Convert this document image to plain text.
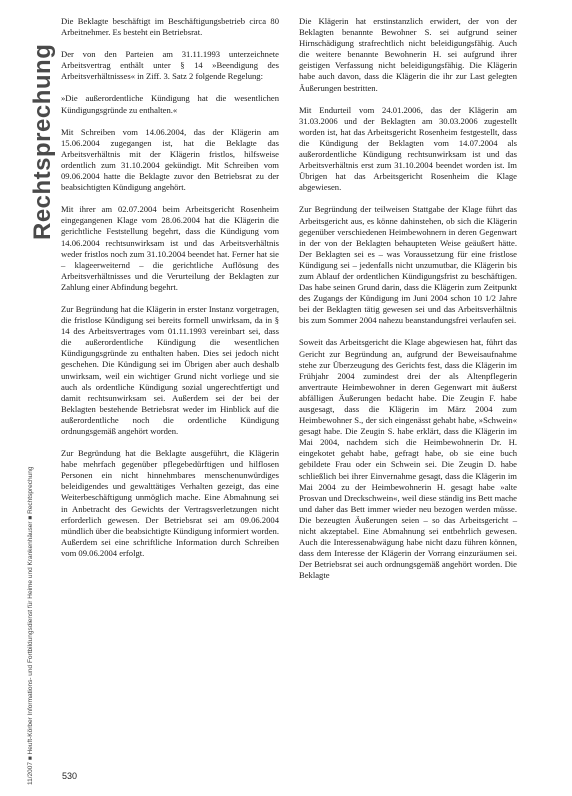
Rechtsprechung
11/2007 ■ Heuft-Körber Informations- und Fortbildungsdienst für Heime und Krankenhäuser ■ Rechtsprechung

Die Beklagte beschäftigt im Beschäftigungsbetrieb circa 80 Arbeitnehmer. Es besteht ein Betriebsrat.

Der von den Parteien am 31.11.1993 unterzeichnete Arbeitsvertrag enthält unter § 14 »Beendigung des Arbeitsverhältnisses« in Ziff. 3. Satz 2 folgende Regelung:

»Die außerordentliche Kündigung hat die wesentlichen Kündigungsgründe zu enthalten.«

Mit Schreiben vom 14.06.2004, das der Klägerin am 15.06.2004 zugegangen ist, hat die Beklagte das Arbeitsverhältnis mit der Klägerin fristlos, hilfsweise ordentlich zum 31.10.2004 gekündigt. Mit Schreiben vom 09.06.2004 hatte die Beklagte zuvor den Betriebsrat zu der beabsichtigten Kündigung angehört.

Mit ihrer am 02.07.2004 beim Arbeitsgericht Rosenheim eingegangenen Klage vom 28.06.2004 hat die Klägerin die gerichtliche Feststellung begehrt, dass die Kündigung vom 14.06.2004 rechtsunwirksam ist und das Arbeitsverhältnis weder fristlos noch zum 31.10.2004 beendet hat. Ferner hat sie – klageerweiternd – die gerichtliche Auflösung des Arbeitsverhältnisses und die Verurteilung der Beklagten zur Zahlung einer Abfindung begehrt.

Zur Begründung hat die Klägerin in erster Instanz vorgetragen, die fristlose Kündigung sei bereits formell unwirksam, da in § 14 des Arbeitsvertrages vom 01.11.1993 vereinbart sei, dass die außerordentliche Kündigung die wesentlichen Kündigungsgründe zu enthalten haben. Dies sei jedoch nicht geschehen. Die Kündigung sei im Übrigen aber auch deshalb unwirksam, weil ein wichtiger Grund nicht vorliege und sie auch als ordentliche Kündigung sozial ungerechtfertigt und damit rechtsunwirksam sei. Außerdem sei der bei der Beklagten bestehende Betriebsrat weder im Hinblick auf die außerordentliche noch die ordentliche Kündigung ordnungsgemäß angehört worden.

Zur Begründung hat die Beklagte ausgeführt, die Klägerin habe mehrfach gegenüber pflegebedürftigen und hilflosen Personen ein nicht hinnehmbares menschenunwürdiges beleidigendes und gewalttätiges Verhalten gezeigt, das eine Weiterbeschäftigung unmöglich mache. Eine Abmahnung sei in Anbetracht des Gewichts der Vertragsverletzungen nicht erforderlich gewesen. Der Betriebsrat sei am 09.06.2004 mündlich über die beabsichtigte Kündigung informiert worden. Außerdem sei eine schriftliche Information durch Schreiben vom 09.06.2004 erfolgt.

Die Klägerin hat erstinstanzlich erwidert, der von der Beklagten benannte Bewohner S. sei aufgrund seiner Hirnschädigung strafrechtlich nicht beleidigungsfähig. Auch die weitere benannte Bewohnerin H. sei aufgrund ihrer geistigen Verfassung nicht beleidigungsfähig. Die Klägerin habe auch davon, dass die Klägerin die ihr zur Last gelegten Äußerungen bestritten.

Mit Endurteil vom 24.01.2006, das der Klägerin am 31.03.2006 und der Beklagten am 30.03.2006 zugestellt worden ist, hat das Arbeitsgericht Rosenheim festgestellt, dass die Kündigung der Beklagten vom 14.07.2004 als außerordentliche Kündigung rechtsunwirksam ist und das Arbeitsverhältnis erst zum 31.10.2004 beendet worden ist. Im Übrigen hat das Arbeitsgericht Rosenheim die Klage abgewiesen.

Zur Begründung der teilweisen Stattgabe der Klage führt das Arbeitsgericht aus, es könne dahinstehen, ob sich die Klägerin gegenüber verschiedenen Heimbewohnern in deren Gegenwart in der von der Beklagten behaupteten Weise geäußert hätte. Der Beklagten sei es – was Voraussetzung für eine fristlose Kündigung sei – jedenfalls nicht unzumutbar, die Klägerin bis zum Ablauf der ordentlichen Kündigungsfrist zu beschäftigen. Das habe seinen Grund darin, dass die Klägerin zum Zeitpunkt des Zugangs der Kündigung im Juni 2004 schon 10 1/2 Jahre bei der Beklagten tätig gewesen sei und das Arbeitsverhältnis bis zum Sommer 2004 nahezu beanstandungsfrei verlaufen sei.

Soweit das Arbeitsgericht die Klage abgewiesen hat, führt das Gericht zur Begründung an, aufgrund der Beweisaufnahme stehe zur Überzeugung des Gerichts fest, dass die Klägerin im Frühjahr 2004 zumindest drei der als Altenpflegerin anvertraute Heimbewohner in deren Gegenwart mit äußerst abfälligen Äußerungen bedacht habe. Die Zeugin F. habe ausgesagt, dass die Klägerin im März 2004 zum Heimbewohner S., der sich eingenässt gehabt habe, »Schwein« gesagt habe. Die Zeugin S. habe erklärt, dass die Klägerin im Mai 2004, nachdem sich die Heimbewohnerin Dr. H. eingekotet gehabt habe, gefragt habe, ob sie eine buch gebildete Frau oder ein Schwein sei. Die Zeugin D. habe schließlich bei ihrer Einvernahme gesagt, dass die Klägerin im Mai 2004 zu der Heimbewohnerin H. gesagt habe »alte Prosvan und Dreckschwein«, weil diese ständig ins Bett mache und daher das Bett immer wieder neu bezogen werden müsse. Die bezeugten Äußerungen seien – so das Arbeitsgericht – nicht akzeptabel. Eine Abmahnung sei entbehrlich gewesen. Auch die Interessenabwägung habe nicht dazu führen können, dass dem Interesse der Klägerin der Vorrang einzuräumen sei. Der Betriebsrat sei auch ordnungsgemäß angehört worden. Die Beklagte

530
